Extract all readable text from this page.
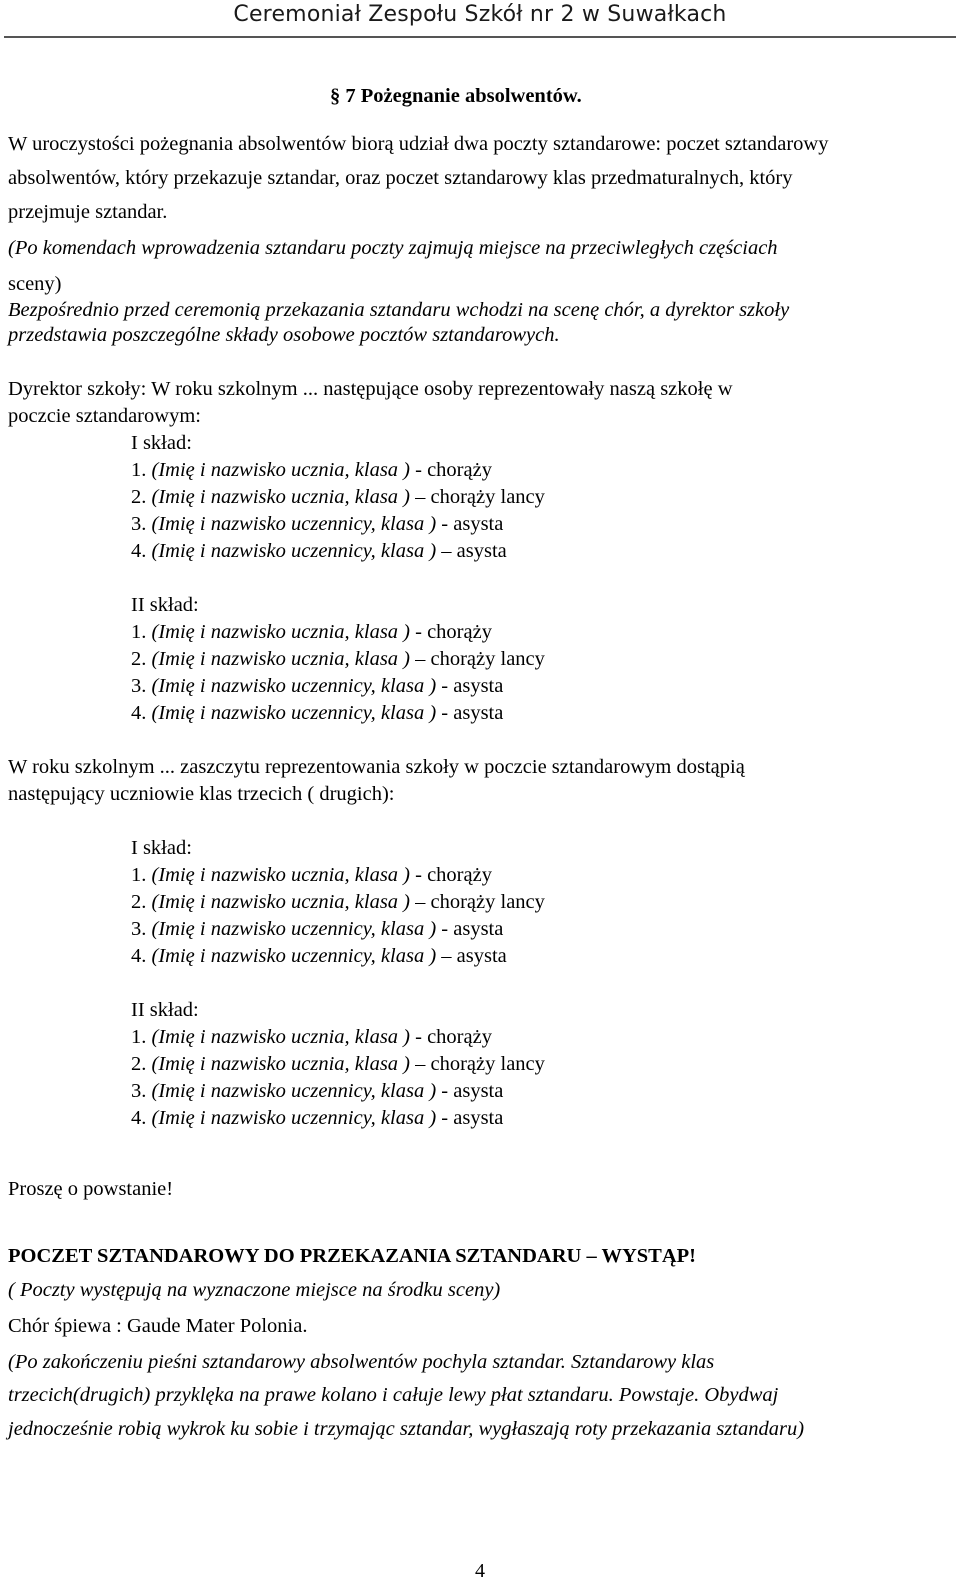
Ceremoniał Zespołu Szkół nr 2 w Suwałkach
§ 7 Pożegnanie absolwentów.
W uroczystości pożegnania absolwentów biorą udział dwa poczty sztandarowe: poczet sztandarowy
absolwentów, który przekazuje sztandar, oraz poczet sztandarowy klas przedmaturalnych, który
przejmuje sztandar.
(Po komendach wprowadzenia sztandaru poczty zajmują miejsce na przeciwległych częściach
sceny)
Bezpośrednio przed ceremonią przekazania sztandaru wchodzi na scenę chór, a dyrektor szkoły
przedstawia poszczególne składy osobowe pocztów sztandarowych.
Dyrektor szkoły: W roku szkolnym ... następujące osoby reprezentowały naszą szkołę w
poczcie sztandarowym:
I skład:
1. (Imię i nazwisko ucznia, klasa ) - chorąży
2. (Imię i nazwisko ucznia, klasa ) – chorąży lancy
3. (Imię i nazwisko uczennicy, klasa ) - asysta
4. (Imię i nazwisko uczennicy, klasa ) – asysta
II skład:
1. (Imię i nazwisko ucznia, klasa ) - chorąży
2. (Imię i nazwisko ucznia, klasa ) – chorąży lancy
3. (Imię i nazwisko uczennicy, klasa ) - asysta
4. (Imię i nazwisko uczennicy, klasa ) - asysta
W roku szkolnym ... zaszczytu reprezentowania szkoły w poczcie sztandarowym dostąpią
następujący uczniowie klas trzecich ( drugich):
I skład:
1. (Imię i nazwisko ucznia, klasa ) - chorąży
2. (Imię i nazwisko ucznia, klasa ) – chorąży lancy
3. (Imię i nazwisko uczennicy, klasa ) - asysta
4. (Imię i nazwisko uczennicy, klasa ) – asysta
II skład:
1. (Imię i nazwisko ucznia, klasa ) - chorąży
2. (Imię i nazwisko ucznia, klasa ) – chorąży lancy
3. (Imię i nazwisko uczennicy, klasa ) - asysta
4. (Imię i nazwisko uczennicy, klasa ) - asysta
Proszę o powstanie!
POCZET SZTANDAROWY DO PRZEKAZANIA SZTANDARU – WYSTĄP!
( Poczty występują na wyznaczone miejsce na środku sceny)
Chór śpiewa : Gaude Mater Polonia.
(Po zakończeniu pieśni sztandarowy absolwentów pochyla sztandar. Sztandarowy klas
trzecich(drugich) przyklęka na prawe kolano i całuje lewy płat sztandaru. Powstaje. Obydwaj
jednocześnie robią wykrok ku sobie i trzymając sztandar, wygłaszają roty przekazania sztandaru)
4
